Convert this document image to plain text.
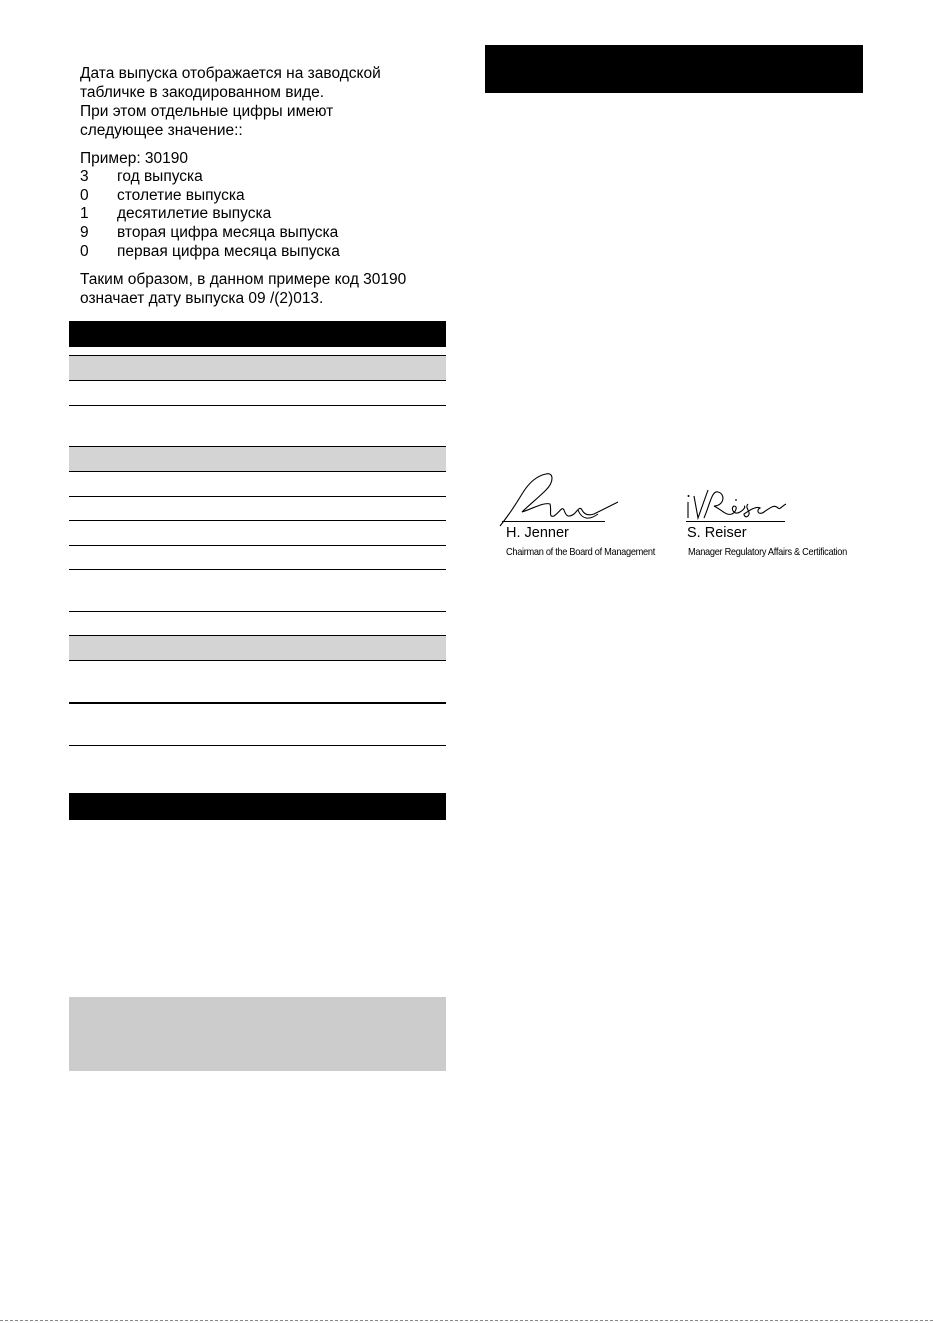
Дата выпуска отображается на заводской
табличке в закодированном виде.
При этом отдельные цифры имеют
следующее значение::
Пример: 30190
3 год выпуска
0 столетие выпуска
1 десятилетие выпуска
9 вторая цифра месяца выпуска
0 первая цифра месяца выпуска
Таким образом, в данном примере код 30190
означает дату выпуска 09 /(2)013.
H. Jenner
Chairman of the Board of Management
S. Reiser
Manager Regulatory Affairs & Certification
